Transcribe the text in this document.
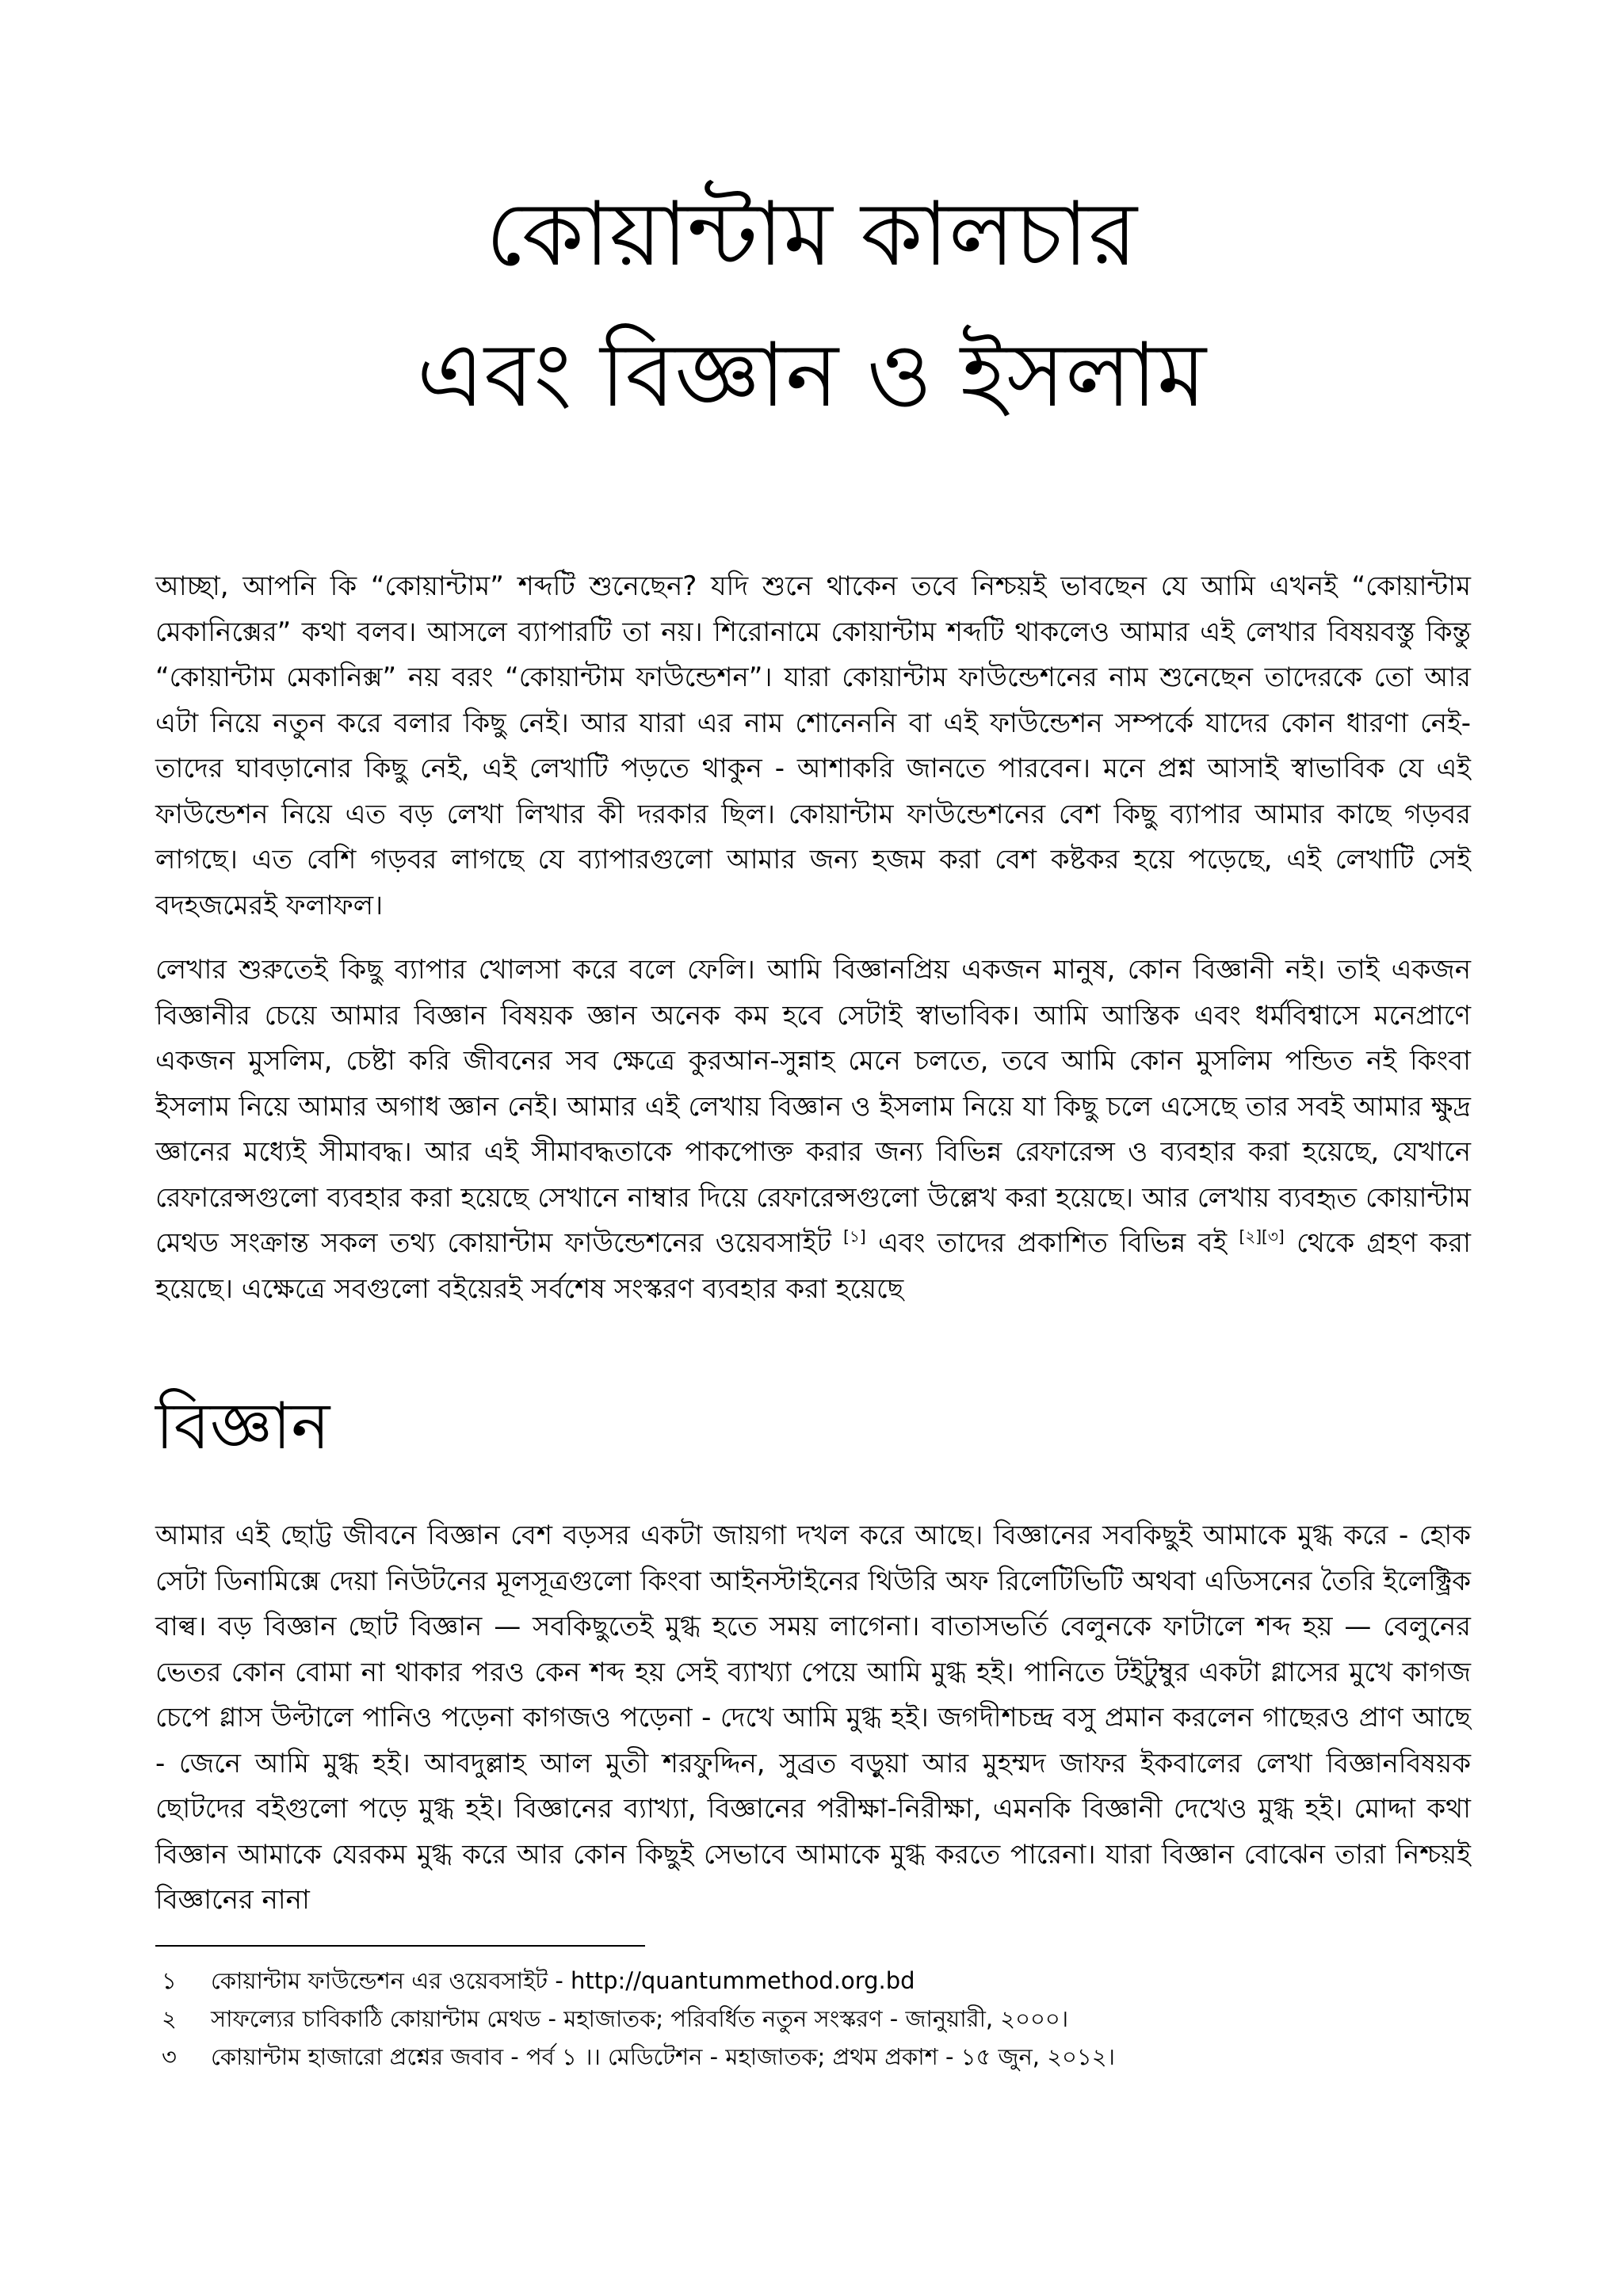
কোয়ান্টাম কালচার
এবং বিজ্ঞান ও ইসলাম

আচ্ছা, আপনি কি “কোয়ান্টাম” শব্দটি শুনেছেন? যদি শুনে থাকেন তবে নিশ্চয়ই ভাবছেন যে আমি এখনই “কোয়ান্টাম মেকানিক্সের” কথা বলব। আসলে ব্যাপারটি তা নয়। শিরোনামে কোয়ান্টাম শব্দটি থাকলেও আমার এই লেখার বিষয়বস্তু কিন্তু “কোয়ান্টাম মেকানিক্স” নয় বরং “কোয়ান্টাম ফাউন্ডেশন”। যারা কোয়ান্টাম ফাউন্ডেশনের নাম শুনেছেন তাদেরকে তো আর এটা নিয়ে নতুন করে বলার কিছু নেই। আর যারা এর নাম শোনেননি বা এই ফাউন্ডেশন সম্পর্কে যাদের কোন ধারণা নেই- তাদের ঘাবড়ানোর কিছু নেই, এই লেখাটি পড়তে থাকুন - আশাকরি জানতে পারবেন। মনে প্রশ্ন আসাই স্বাভাবিক যে এই ফাউন্ডেশন নিয়ে এত বড় লেখা লিখার কী দরকার ছিল। কোয়ান্টাম ফাউন্ডেশনের বেশ কিছু ব্যাপার আমার কাছে গড়বর লাগছে। এত বেশি গড়বর লাগছে যে ব্যাপারগুলো আমার জন্য হজম করা বেশ কষ্টকর হয়ে পড়েছে, এই লেখাটি সেই বদহজমেরই ফলাফল।

লেখার শুরুতেই কিছু ব্যাপার খোলসা করে বলে ফেলি। আমি বিজ্ঞানপ্রিয় একজন মানুষ, কোন বিজ্ঞানী নই। তাই একজন বিজ্ঞানীর চেয়ে আমার বিজ্ঞান বিষয়ক জ্ঞান অনেক কম হবে সেটাই স্বাভাবিক। আমি আস্তিক এবং ধর্মবিশ্বাসে মনেপ্রাণে একজন মুসলিম, চেষ্টা করি জীবনের সব ক্ষেত্রে কুরআন-সুন্নাহ মেনে চলতে, তবে আমি কোন মুসলিম পন্ডিত নই কিংবা ইসলাম নিয়ে আমার অগাধ জ্ঞান নেই। আমার এই লেখায় বিজ্ঞান ও ইসলাম নিয়ে যা কিছু চলে এসেছে তার সবই আমার ক্ষুদ্র জ্ঞানের মধ্যেই সীমাবদ্ধ। আর এই সীমাবদ্ধতাকে পাকপোক্ত করার জন্য বিভিন্ন রেফারেন্স ও ব্যবহার করা হয়েছে, যেখানে রেফারেন্সগুলো ব্যবহার করা হয়েছে সেখানে নাম্বার দিয়ে রেফারেন্সগুলো উল্লেখ করা হয়েছে। আর লেখায় ব্যবহৃত কোয়ান্টাম মেথড সংক্রান্ত সকল তথ্য কোয়ান্টাম ফাউন্ডেশনের ওয়েবসাইট [১] এবং তাদের প্রকাশিত বিভিন্ন বই [২][৩] থেকে গ্রহণ করা হয়েছে। এক্ষেত্রে সবগুলো বইয়েরই সর্বশেষ সংস্করণ ব্যবহার করা হয়েছে

বিজ্ঞান

আমার এই ছোট্ট জীবনে বিজ্ঞান বেশ বড়সর একটা জায়গা দখল করে আছে। বিজ্ঞানের সবকিছুই আমাকে মুগ্ধ করে - হোক সেটা ডিনামিক্সে দেয়া নিউটনের মূলসূত্রগুলো কিংবা আইনস্টাইনের থিউরি অফ রিলেটিভিটি অথবা এডিসনের তৈরি ইলেক্ট্রিক বাল্ব। বড় বিজ্ঞান ছোট বিজ্ঞান — সবকিছুতেই মুগ্ধ হতে সময় লাগেনা। বাতাসভর্তি বেলুনকে ফাটালে শব্দ হয় — বেলুনের ভেতর কোন বোমা না থাকার পরও কেন শব্দ হয় সেই ব্যাখ্যা পেয়ে আমি মুগ্ধ হই। পানিতে টইটুম্বুর একটা গ্লাসের মুখে কাগজ চেপে গ্লাস উল্টালে পানিও পড়েনা কাগজও পড়েনা - দেখে আমি মুগ্ধ হই। জগদীশচন্দ্র বসু প্রমান করলেন গাছেরও প্রাণ আছে - জেনে আমি মুগ্ধ হই। আবদুল্লাহ আল মুতী শরফুদ্দিন, সুব্রত বড়ুয়া আর মুহম্মদ জাফর ইকবালের লেখা বিজ্ঞানবিষয়ক ছোটদের বইগুলো পড়ে মুগ্ধ হই। বিজ্ঞানের ব্যাখ্যা, বিজ্ঞানের পরীক্ষা-নিরীক্ষা, এমনকি বিজ্ঞানী দেখেও মুগ্ধ হই। মোদ্দা কথা বিজ্ঞান আমাকে যেরকম মুগ্ধ করে আর কোন কিছুই সেভাবে আমাকে মুগ্ধ করতে পারেনা। যারা বিজ্ঞান বোঝেন তারা নিশ্চয়ই বিজ্ঞানের নানা

১ কোয়ান্টাম ফাউন্ডেশন এর ওয়েবসাইট - http://quantummethod.org.bd
২ সাফল্যের চাবিকাঠি কোয়ান্টাম মেথড - মহাজাতক; পরিবর্ধিত নতুন সংস্করণ - জানুয়ারী, ২০০০।
৩ কোয়ান্টাম হাজারো প্রশ্নের জবাব - পর্ব ১ ।। মেডিটেশন - মহাজাতক; প্রথম প্রকাশ - ১৫ জুন, ২০১২।
